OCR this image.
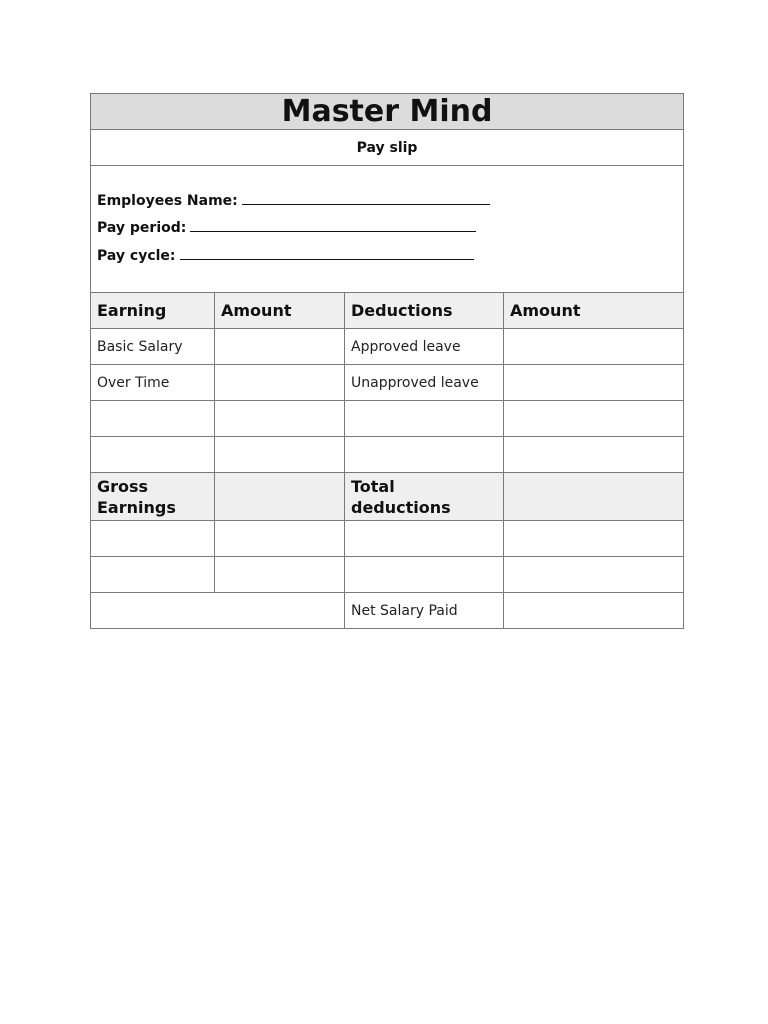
Master Mind			
Pay slip			

Employees Name:
Pay period:
Pay cycle:			

Earning	Amount	Deductions	Amount
Basic Salary		Approved leave	
Over Time		Unapproved leave	

Gross Earnings		Total deductions	

		Net Salary Paid	
